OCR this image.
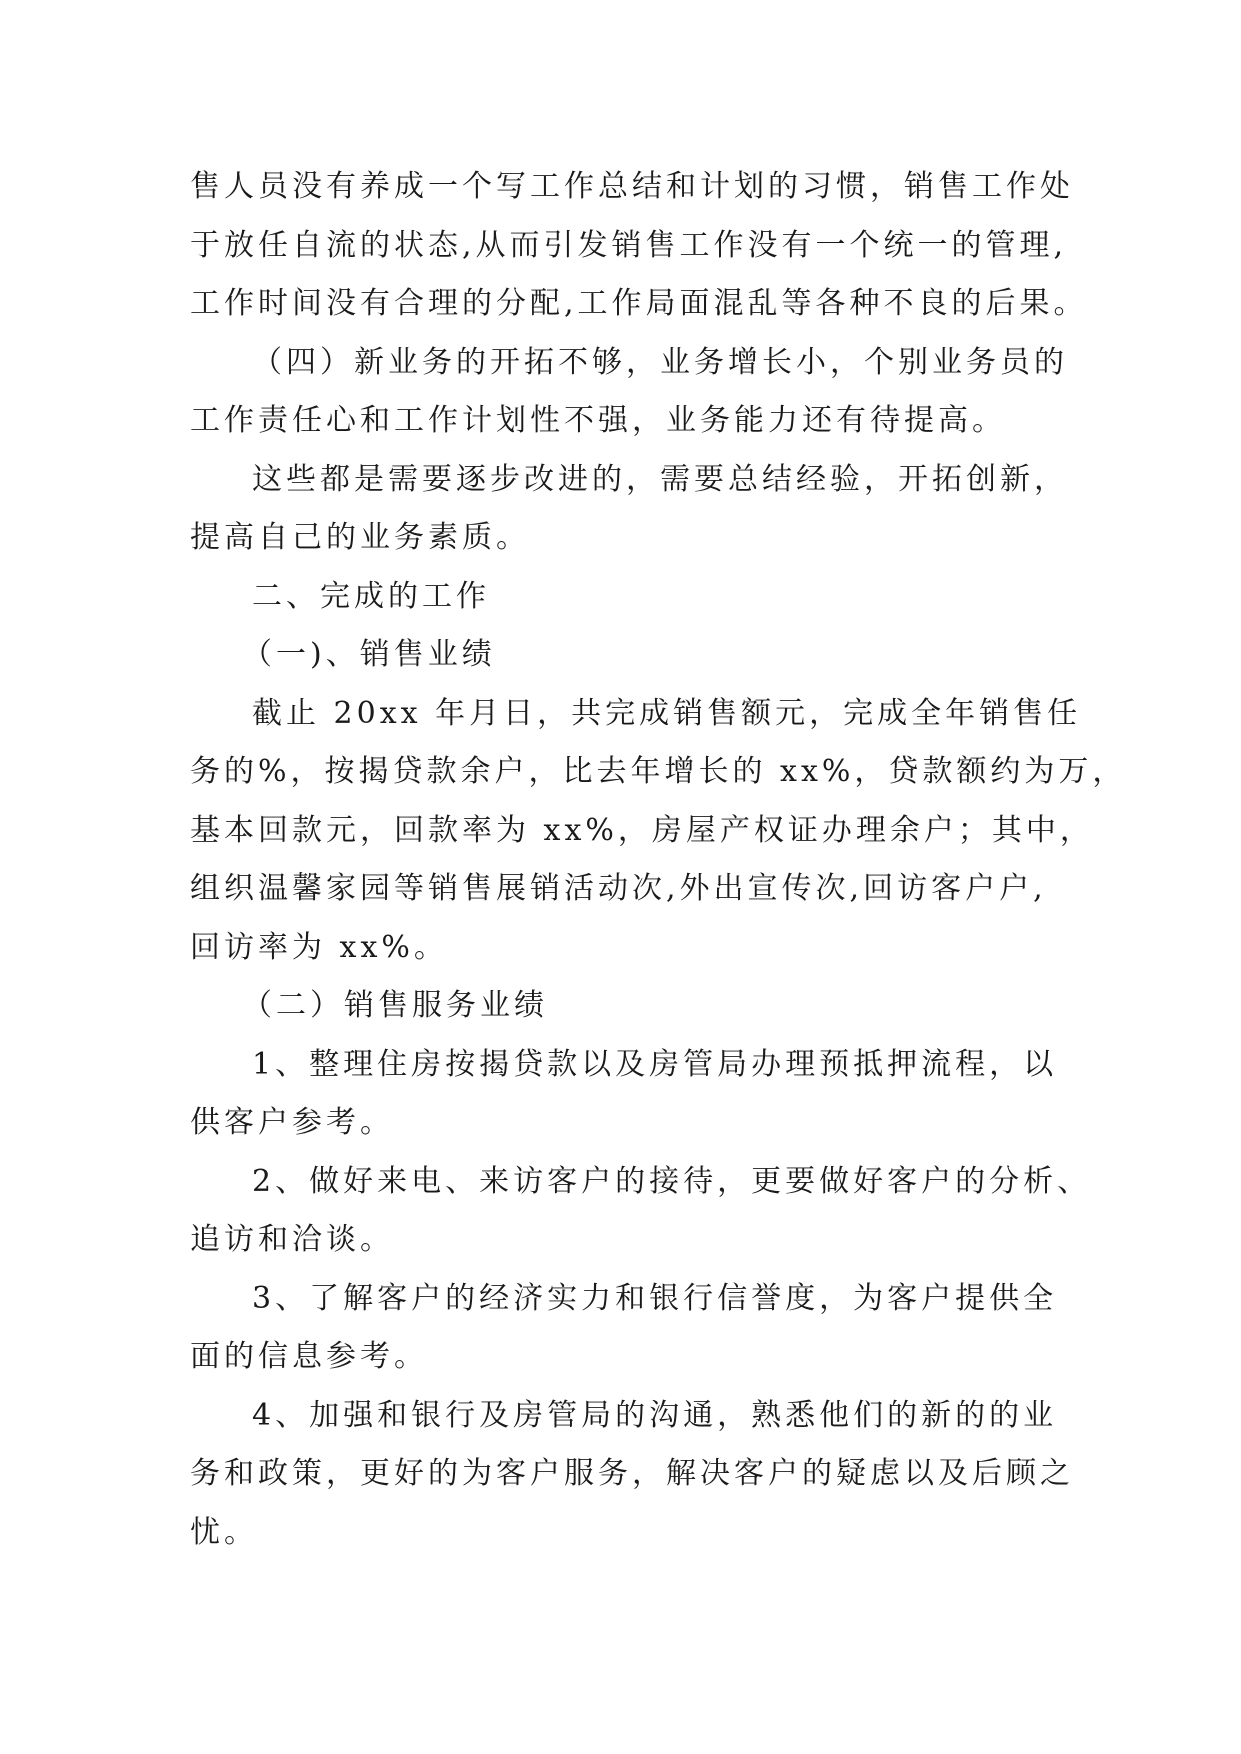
售人员没有养成一个写工作总结和计划的习惯，销售工作处
于放任自流的状态,从而引发销售工作没有一个统一的管理,
工作时间没有合理的分配,工作局面混乱等各种不良的后果。
（四）新业务的开拓不够，业务增长小，个别业务员的
工作责任心和工作计划性不强，业务能力还有待提高。
这些都是需要逐步改进的，需要总结经验，开拓创新，
提高自己的业务素质。
二、完成的工作
（一)、销售业绩
截止 20xx 年月日，共完成销售额元，完成全年销售任
务的%，按揭贷款余户，比去年增长的 xx%，贷款额约为万，
基本回款元，回款率为 xx%，房屋产权证办理余户；其中，
组织温馨家园等销售展销活动次,外出宣传次,回访客户户,
回访率为 xx%。
（二）销售服务业绩
1、整理住房按揭贷款以及房管局办理预抵押流程，以
供客户参考。
2、做好来电、来访客户的接待，更要做好客户的分析、
追访和洽谈。
3、了解客户的经济实力和银行信誉度，为客户提供全
面的信息参考。
4、加强和银行及房管局的沟通，熟悉他们的新的的业
务和政策，更好的为客户服务，解决客户的疑虑以及后顾之
忧。
